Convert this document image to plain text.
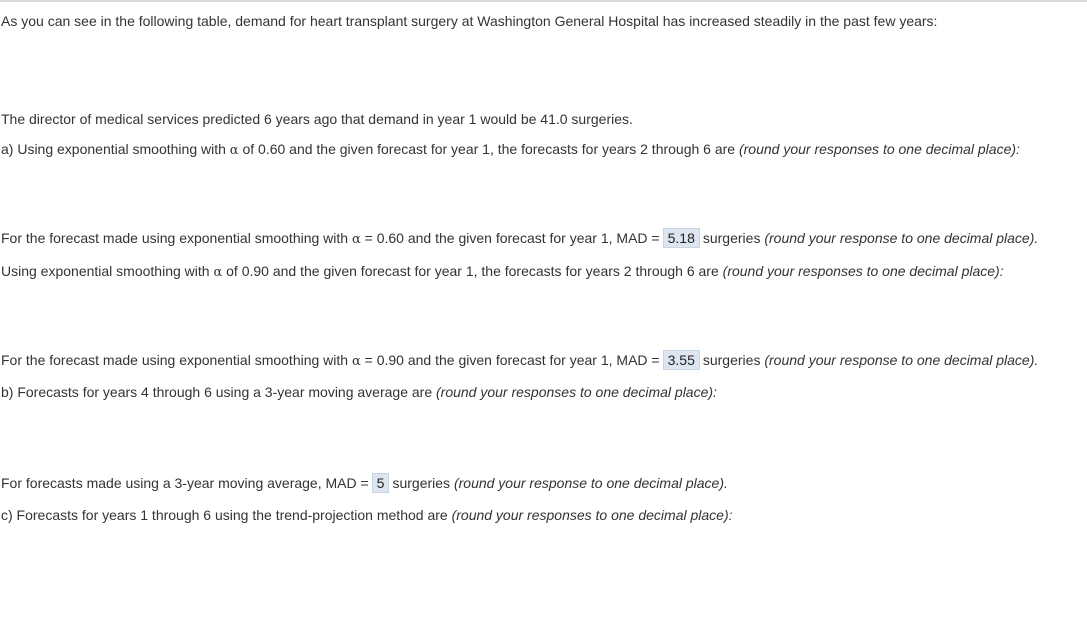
As you can see in the following table, demand for heart transplant surgery at Washington General Hospital has increased steadily in the past few years:
The director of medical services predicted 6 years ago that demand in year 1 would be 41.0 surgeries.
a) Using exponential smoothing with α of 0.60 and the given forecast for year 1, the forecasts for years 2 through 6 are (round your responses to one decimal place):
For the forecast made using exponential smoothing with α = 0.60 and the given forecast for year 1, MAD = 5.18 surgeries (round your response to one decimal place).
Using exponential smoothing with α of 0.90 and the given forecast for year 1, the forecasts for years 2 through 6 are (round your responses to one decimal place):
For the forecast made using exponential smoothing with α = 0.90 and the given forecast for year 1, MAD = 3.55 surgeries (round your response to one decimal place).
b) Forecasts for years 4 through 6 using a 3-year moving average are (round your responses to one decimal place):
For forecasts made using a 3-year moving average, MAD = 5 surgeries (round your response to one decimal place).
c) Forecasts for years 1 through 6 using the trend-projection method are (round your responses to one decimal place):
